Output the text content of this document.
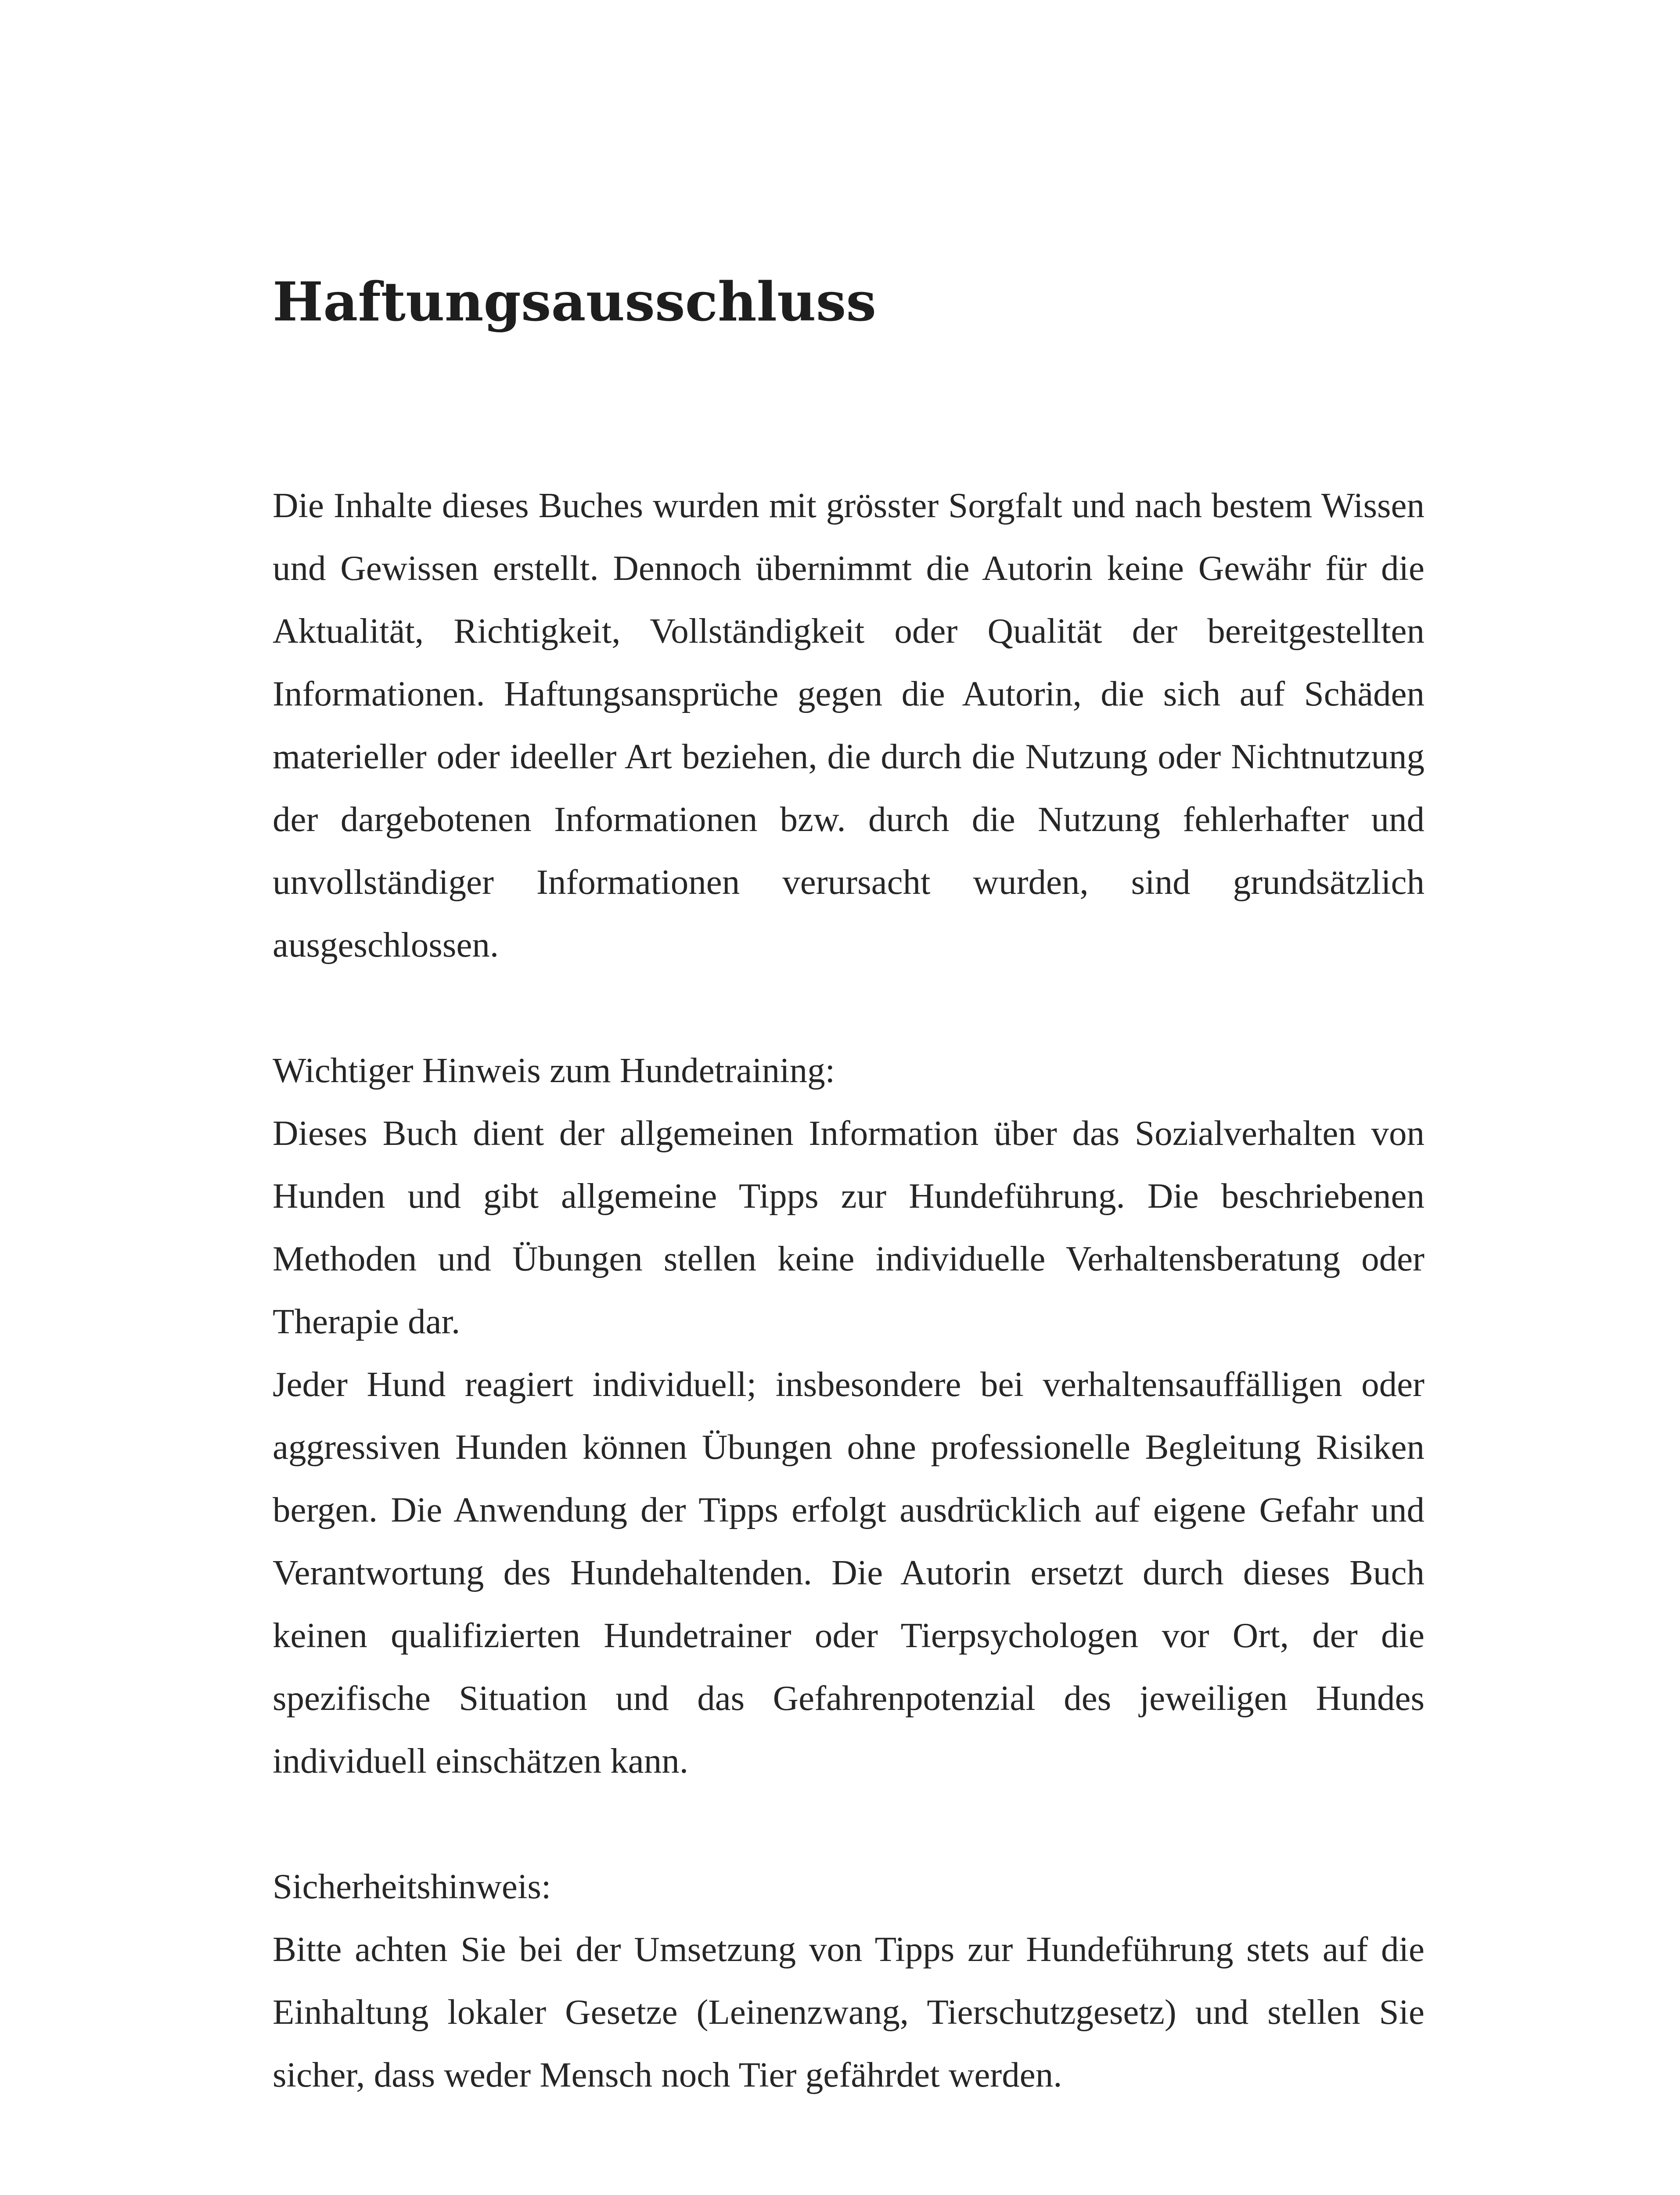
Haftungsausschluss

Die Inhalte dieses Buches wurden mit grösster Sorgfalt und nach bestem Wissen und Gewissen erstellt. Dennoch übernimmt die Autorin keine Gewähr für die Aktualität, Richtigkeit, Vollständigkeit oder Qualität der bereitgestellten Informationen. Haftungsansprüche gegen die Autorin, die sich auf Schäden materieller oder ideeller Art beziehen, die durch die Nutzung oder Nichtnutzung der dargebotenen Informationen bzw. durch die Nutzung fehlerhafter und unvollständiger Informationen verursacht wurden, sind grundsätzlich ausgeschlossen.

Wichtiger Hinweis zum Hundetraining:

Dieses Buch dient der allgemeinen Information über das Sozialverhalten von Hunden und gibt allgemeine Tipps zur Hundeführung. Die beschriebenen Methoden und Übungen stellen keine individuelle Verhaltensberatung oder Therapie dar.

Jeder Hund reagiert individuell; insbesondere bei verhaltensauffälligen oder aggressiven Hunden können Übungen ohne professionelle Begleitung Risiken bergen. Die Anwendung der Tipps erfolgt ausdrücklich auf eigene Gefahr und Verantwortung des Hundehaltenden. Die Autorin ersetzt durch dieses Buch keinen qualifizierten Hundetrainer oder Tierpsychologen vor Ort, der die spezifische Situation und das Gefahrenpotenzial des jeweiligen Hundes individuell einschätzen kann.

Sicherheitshinweis:

Bitte achten Sie bei der Umsetzung von Tipps zur Hundeführung stets auf die Einhaltung lokaler Gesetze (Leinenzwang, Tierschutzgesetz) und stellen Sie sicher, dass weder Mensch noch Tier gefährdet werden.
